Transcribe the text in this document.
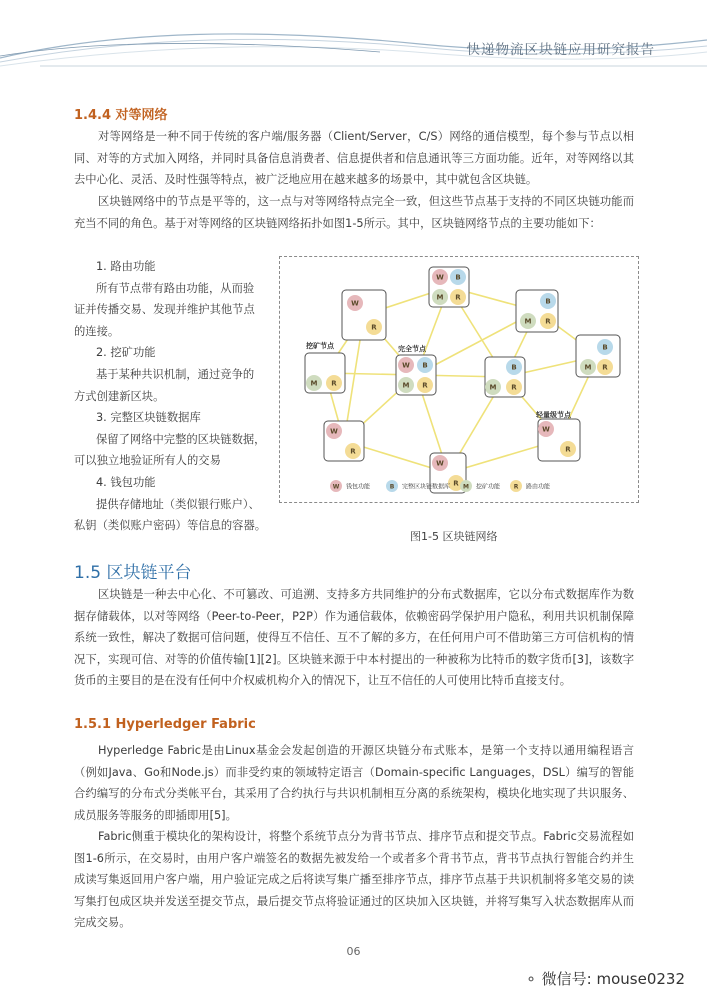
快递物流区块链应用研究报告
1.4.4 对等网络
对等网络是一种不同于传统的客户端/服务器（Client/Server，C/S）网络的通信模型，每个参与节点以相同、对等的方式加入网络，并同时具备信息消费者、信息提供者和信息通讯等三方面功能。近年，对等网络以其去中心化、灵活、及时性强等特点，被广泛地应用在越来越多的场景中，其中就包含区块链。
区块链网络中的节点是平等的，这一点与对等网络特点完全一致，但这些节点基于支持的不同区块链功能而充当不同的角色。基于对等网络的区块链网络拓扑如图1-5所示。其中，区块链网络节点的主要功能如下：
1. 路由功能
所有节点带有路由功能，从而验
证并传播交易、发现并维护其他节点
的连接。
2. 挖矿功能
基于某种共识机制，通过竞争的
方式创建新区块。
3. 完整区块链数据库
保留了网络中完整的区块链数据，
可以独立地验证所有人的交易
4. 钱包功能
提供存储地址（类似银行账户）、
私钥（类似账户密码）等信息的容器。
W B
M R
W
R
B
M R
M R
W B
M R
B
M R
B
M R
W
R
W
R
W
R
挖矿节点	完全节点
轻量级节点
W 钱包功能	B 完整区块链数据库 M 挖矿功能 R 路由功能
图1-5 区块链网络
1.5 区块链平台
区块链是一种去中心化、不可篡改、可追溯、支持多方共同维护的分布式数据库，它以分布式数据库作为数据存储载体，以对等网络（Peer-to-Peer，P2P）作为通信载体，依赖密码学保护用户隐私，利用共识机制保障系统一致性，解决了数据可信问题，使得互不信任、互不了解的多方，在任何用户可不借助第三方可信机构的情况下，实现可信、对等的价值传输[1][2]。区块链来源于中本村提出的一种被称为比特币的数字货币[3]，该数字货币的主要目的是在没有任何中介权威机构介入的情况下，让互不信任的人可使用比特币直接支付。
1.5.1 Hyperledger Fabric
Hyperledge Fabric是由Linux基金会发起创造的开源区块链分布式账本，是第一个支持以通用编程语言（例如Java、Go和Node.js）而非受约束的领域特定语言（Domain-specific Languages，DSL）编写的智能合约编写的分布式分类帐平台，其采用了合约执行与共识机制相互分离的系统架构，模块化地实现了共识服务、成员服务等服务的即插即用[5]。
Fabric侧重于模块化的架构设计，将整个系统节点分为背书节点、排序节点和提交节点。Fabric交易流程如图1-6所示，在交易时，由用户客户端签名的数据先被发给一个或者多个背书节点，背书节点执行智能合约并生成读写集返回用户客户端，用户验证完成之后将读写集广播至排序节点，排序节点基于共识机制将多笔交易的读写集打包成区块并发送至提交节点，最后提交节点将验证通过的区块加入区块链，并将写集写入状态数据库从而完成交易。
06
⚬ 微信号: mouse0232
